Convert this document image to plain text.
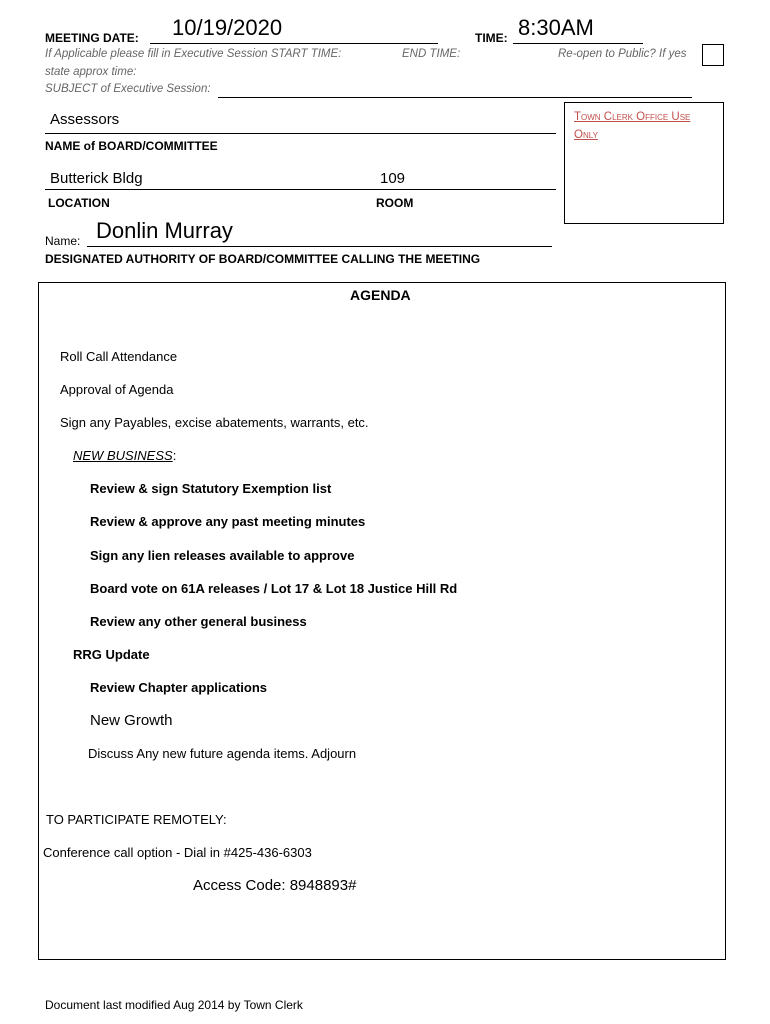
MEETING DATE: 10/19/2020	TIME: 8:30AM
If Applicable please fill in Executive Session START TIME:	END TIME:	Re-open to Public? If yes
state approx time:
SUBJECT of Executive Session:
Assessors
NAME of BOARD/COMMITTEE
Butterick Bldg	109
LOCATION	ROOM
Town Clerk Office Use Only
Name: Donlin Murray
DESIGNATED AUTHORITY OF BOARD/COMMITTEE CALLING THE MEETING
AGENDA
Roll Call Attendance
Approval of Agenda
Sign any Payables, excise abatements, warrants, etc.
NEW BUSINESS:
Review & sign Statutory Exemption list
Review & approve any past meeting minutes
Sign any lien releases available to approve
Board vote on 61A releases / Lot 17 & Lot 18 Justice Hill Rd
Review any other general business
RRG Update
Review Chapter applications
New Growth
Discuss Any new future agenda items. Adjourn
TO PARTICIPATE REMOTELY:
Conference call option - Dial in #425-436-6303
Access Code: 8948893#
Document last modified Aug 2014 by Town Clerk
